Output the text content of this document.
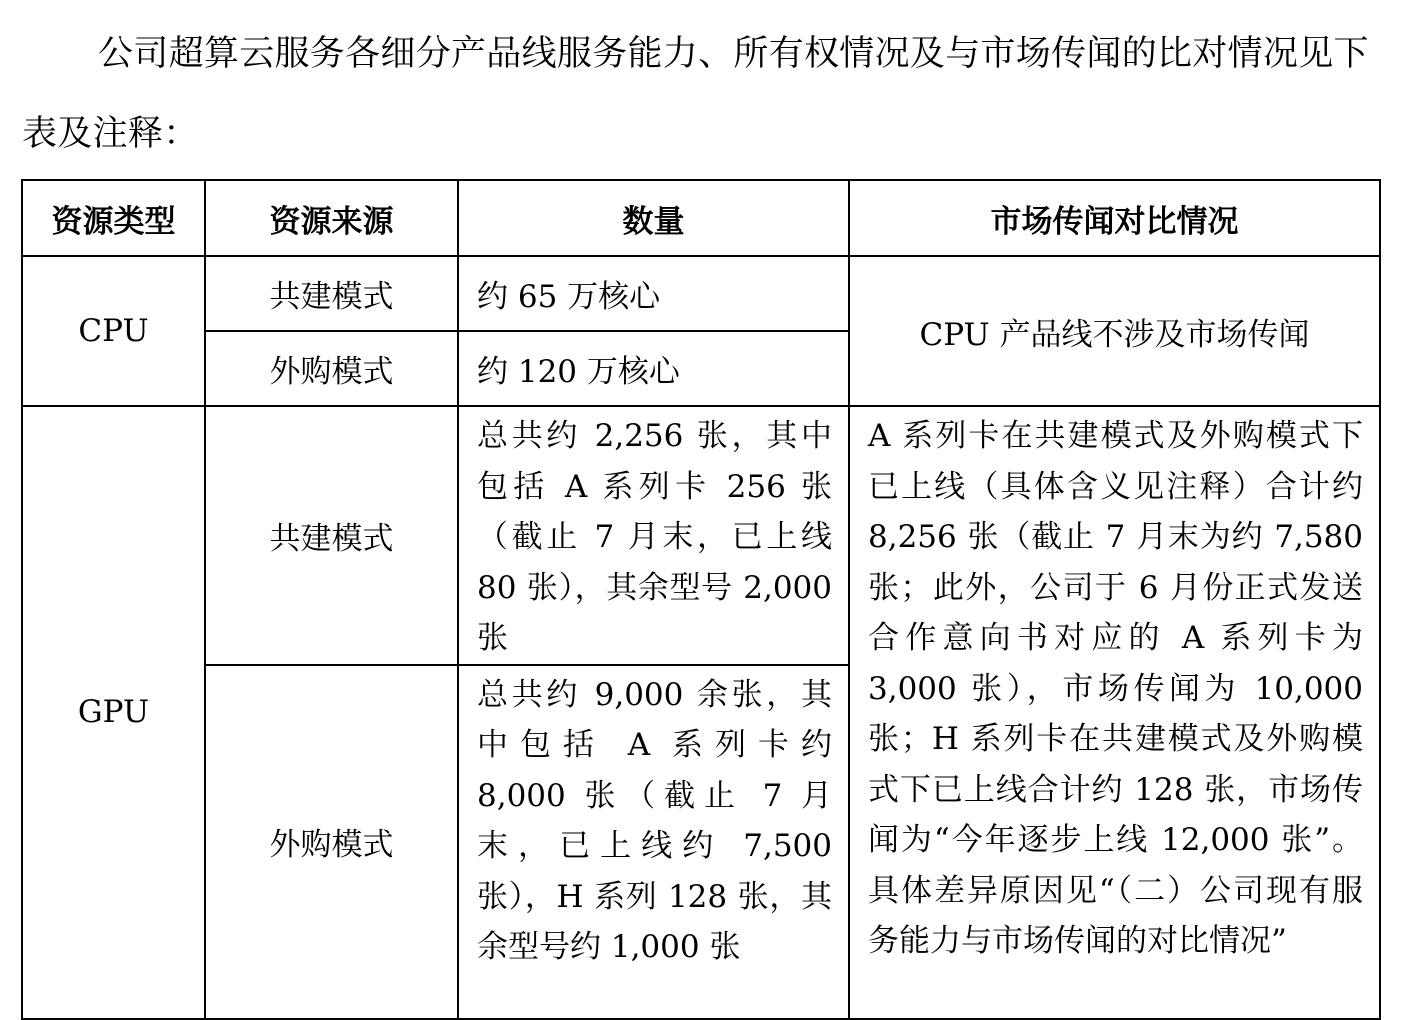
公司超算云服务各细分产品线服务能力、所有权情况及与市场传闻的比对情况见下表及注释：
资源类型	资源来源	数量	市场传闻对比情况
CPU	共建模式	约 65 万核心	CPU 产品线不涉及市场传闻
	外购模式	约 120 万核心	
GPU	共建模式	总共约 2,256 张，其中包括 A 系列卡 256 张（截止 7 月末，已上线 80 张），其余型号 2,000 张	A 系列卡在共建模式及外购模式下已上线（具体含义见注释）合计约 8,256 张（截止 7 月末为约 7,580 张；此外，公司于 6 月份正式发送合作意向书对应的 A 系列卡为 3,000 张），市场传闻为 10,000 张；H 系列卡在共建模式及外购模式下已上线合计约 128 张，市场传闻为“今年逐步上线 12,000 张”。具体差异原因见“（二）公司现有服务能力与市场传闻的对比情况”

	外购模式	总共约 9,000 余张，其中包括 A 系列卡约 8,000 张（截止 7 月末，已上线约 7,500 张），H 系列 128 张，其余型号约 1,000 张	
